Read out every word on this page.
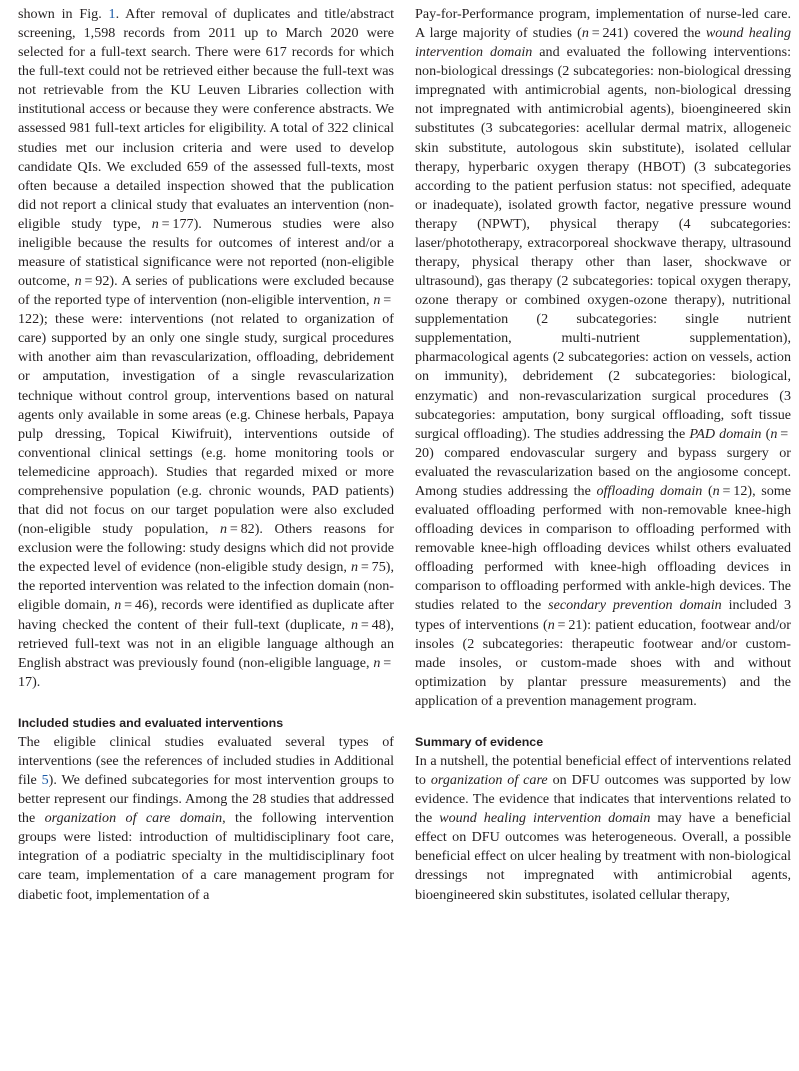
shown in Fig. 1. After removal of duplicates and title/abstract screening, 1,598 records from 2011 up to March 2020 were selected for a full-text search. There were 617 records for which the full-text could not be retrieved either because the full-text was not retrievable from the KU Leuven Libraries collection with institutional access or because they were conference abstracts. We assessed 981 full-text articles for eligibility. A total of 322 clinical studies met our inclusion criteria and were used to develop candidate QIs. We excluded 659 of the assessed full-texts, most often because a detailed inspection showed that the publication did not report a clinical study that evaluates an intervention (non-eligible study type, n = 177). Numerous studies were also ineligible because the results for outcomes of interest and/or a measure of statistical significance were not reported (non-eligible outcome, n = 92). A series of publications were excluded because of the reported type of intervention (non-eligible intervention, n = 122); these were: interventions (not related to organization of care) supported by an only one single study, surgical procedures with another aim than revascularization, offloading, debridement or amputation, investigation of a single revascularization technique without control group, interventions based on natural agents only available in some areas (e.g. Chinese herbals, Papaya pulp dressing, Topical Kiwifruit), interventions outside of conventional clinical settings (e.g. home monitoring tools or telemedicine approach). Studies that regarded mixed or more comprehensive population (e.g. chronic wounds, PAD patients) that did not focus on our target population were also excluded (non-eligible study population, n = 82). Others reasons for exclusion were the following: study designs which did not provide the expected level of evidence (non-eligible study design, n = 75), the reported intervention was related to the infection domain (non-eligible domain, n = 46), records were identified as duplicate after having checked the content of their full-text (duplicate, n = 48), retrieved full-text was not in an eligible language although an English abstract was previously found (non-eligible language, n = 17).

Included studies and evaluated interventions

The eligible clinical studies evaluated several types of interventions (see the references of included studies in Additional file 5). We defined subcategories for most intervention groups to better represent our findings. Among the 28 studies that addressed the organization of care domain, the following intervention groups were listed: introduction of multidisciplinary foot care, integration of a podiatric specialty in the multidisciplinary foot care team, implementation of a care management program for diabetic foot, implementation of a

Pay-for-Performance program, implementation of nurse-led care. A large majority of studies (n = 241) covered the wound healing intervention domain and evaluated the following interventions: non-biological dressings (2 subcategories: non-biological dressing impregnated with antimicrobial agents, non-biological dressing not impregnated with antimicrobial agents), bioengineered skin substitutes (3 subcategories: acellular dermal matrix, allogeneic skin substitute, autologous skin substitute), isolated cellular therapy, hyperbaric oxygen therapy (HBOT) (3 subcategories according to the patient perfusion status: not specified, adequate or inadequate), isolated growth factor, negative pressure wound therapy (NPWT), physical therapy (4 subcategories: laser/phototherapy, extracorporeal shockwave therapy, ultrasound therapy, physical therapy other than laser, shockwave or ultrasound), gas therapy (2 subcategories: topical oxygen therapy, ozone therapy or combined oxygen-ozone therapy), nutritional supplementation (2 subcategories: single nutrient supplementation, multi-nutrient supplementation), pharmacological agents (2 subcategories: action on vessels, action on immunity), debridement (2 subcategories: biological, enzymatic) and non-revascularization surgical procedures (3 subcategories: amputation, bony surgical offloading, soft tissue surgical offloading). The studies addressing the PAD domain (n = 20) compared endovascular surgery and bypass surgery or evaluated the revascularization based on the angiosome concept. Among studies addressing the offloading domain (n = 12), some evaluated offloading performed with non-removable knee-high offloading devices in comparison to offloading performed with removable knee-high offloading devices whilst others evaluated offloading performed with knee-high offloading devices in comparison to offloading performed with ankle-high devices. The studies related to the secondary prevention domain included 3 types of interventions (n = 21): patient education, footwear and/or insoles (2 subcategories: therapeutic footwear and/or custom-made insoles, or custom-made shoes with and without optimization by plantar pressure measurements) and the application of a prevention management program.

Summary of evidence

In a nutshell, the potential beneficial effect of interventions related to organization of care on DFU outcomes was supported by low evidence. The evidence that indicates that interventions related to the wound healing intervention domain may have a beneficial effect on DFU outcomes was heterogeneous. Overall, a possible beneficial effect on ulcer healing by treatment with non-biological dressings not impregnated with antimicrobial agents, bioengineered skin substitutes, isolated cellular therapy,
